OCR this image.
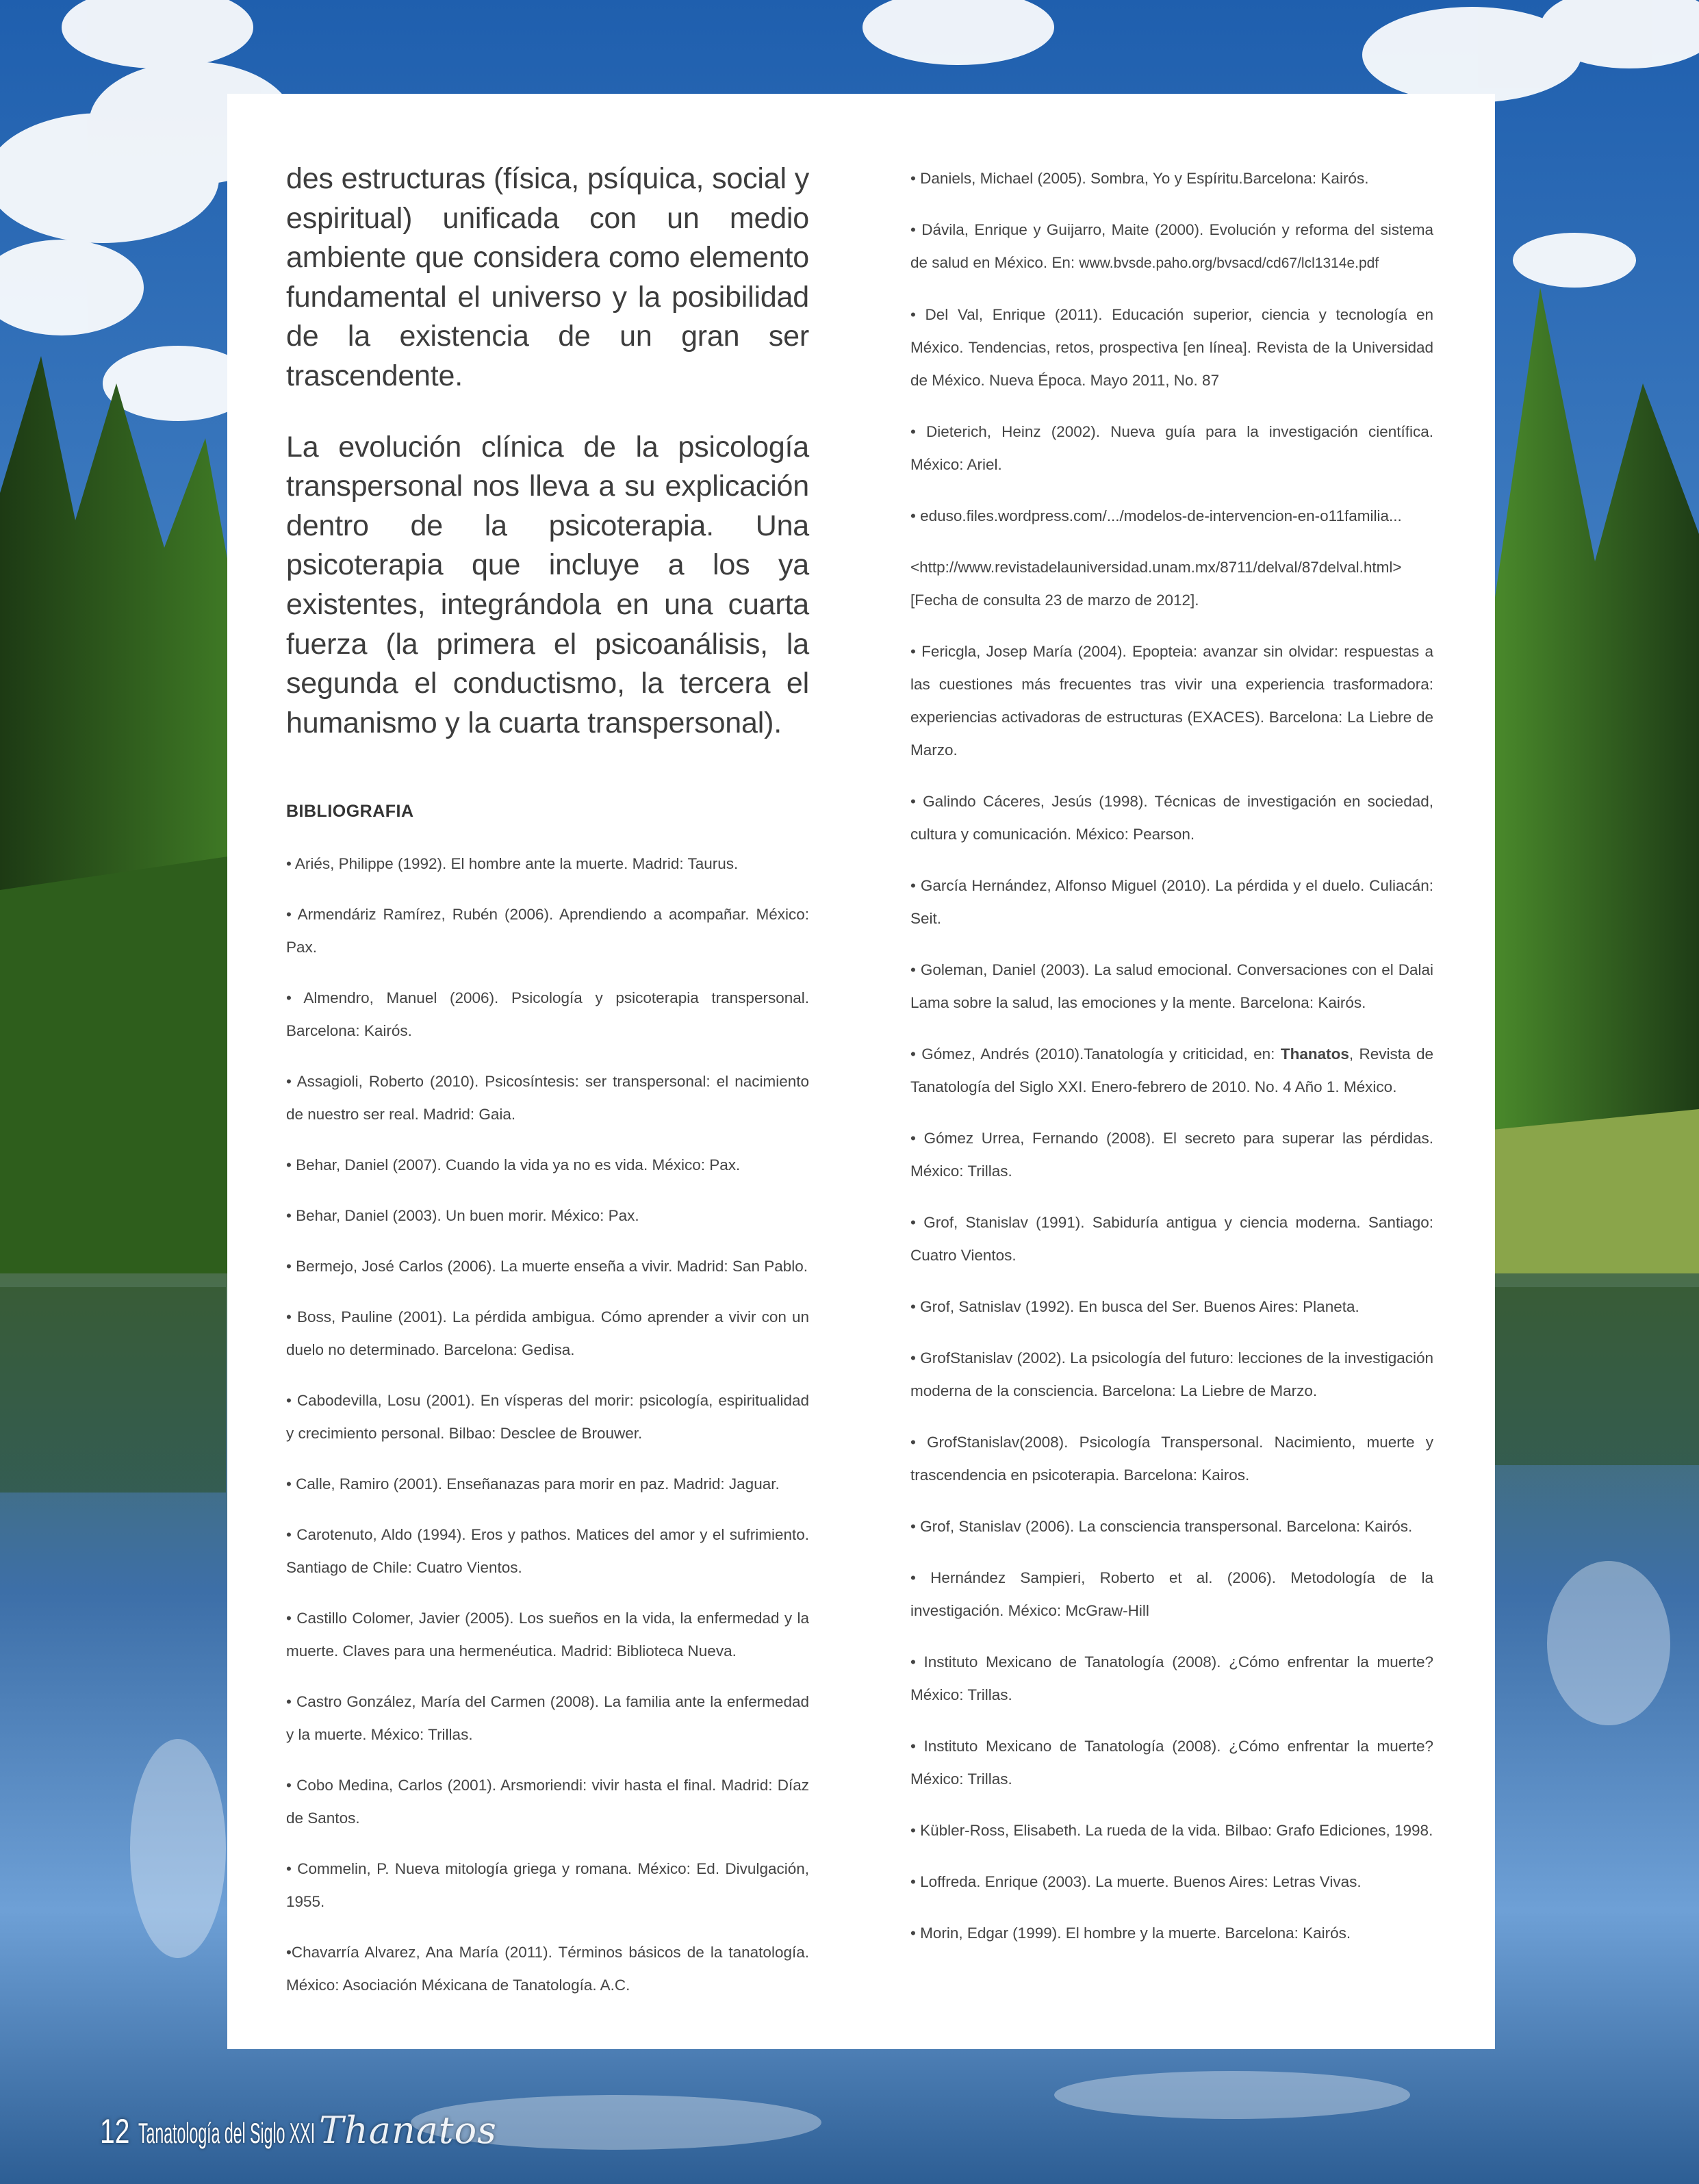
des estructuras (física, psíquica, social y espiritual) unificada con un medio ambiente que considera como elemento fundamental el universo y la posibilidad de la existencia de un gran ser trascendente.

La evolución clínica de la psicología transpersonal nos lleva a su explicación dentro de la psicoterapia. Una psicoterapia que incluye a los ya existentes, integrándola en una cuarta fuerza (la primera el psicoanálisis, la segunda el conductismo, la tercera el humanismo y la cuarta transpersonal).

BIBLIOGRAFIA

• Ariés, Philippe (1992). El hombre ante la muerte. Madrid: Taurus.

• Armendáriz Ramírez, Rubén (2006). Aprendiendo a acompañar. México: Pax.

• Almendro, Manuel (2006). Psicología y psicoterapia transpersonal. Barcelona: Kairós.

• Assagioli, Roberto (2010). Psicosíntesis: ser transpersonal: el nacimiento de nuestro ser real. Madrid: Gaia.

• Behar, Daniel (2007). Cuando la vida ya no es vida. México: Pax.

• Behar, Daniel (2003). Un buen morir. México: Pax.

• Bermejo, José Carlos (2006). La muerte enseña a vivir. Madrid: San Pablo.

• Boss, Pauline (2001). La pérdida ambigua. Cómo aprender a vivir con un duelo no determinado. Barcelona: Gedisa.

• Cabodevilla, Losu (2001). En vísperas del morir: psicología, espiritualidad y crecimiento personal. Bilbao: Desclee de Brouwer.

• Calle, Ramiro (2001). Enseñanazas para morir en paz. Madrid: Jaguar.

• Carotenuto, Aldo (1994). Eros y pathos. Matices del amor y el sufrimiento. Santiago de Chile: Cuatro Vientos.

• Castillo Colomer, Javier (2005). Los sueños en la vida, la enfermedad y la muerte. Claves para una hermenéutica. Madrid: Biblioteca Nueva.

• Castro González, María del Carmen (2008). La familia ante la enfermedad y la muerte. México: Trillas.

• Cobo Medina, Carlos (2001). Arsmoriendi: vivir hasta el final. Madrid: Díaz de Santos.

• Commelin, P. Nueva mitología griega y romana. México: Ed. Divulgación, 1955.

•Chavarría Alvarez, Ana María (2011). Términos básicos de la tanatología. México: Asociación Méxicana de Tanatología. A.C.

• Daniels, Michael (2005). Sombra, Yo y Espíritu.Barcelona: Kairós.

• Dávila, Enrique y Guijarro, Maite (2000). Evolución y reforma del sistema de salud en México. En: www.bvsde.paho.org/bvsacd/cd67/lcl1314e.pdf

• Del Val, Enrique (2011). Educación superior, ciencia y tecnología en México. Tendencias, retos, prospectiva [en línea]. Revista de la Universidad de México. Nueva Época. Mayo 2011, No. 87

• Dieterich, Heinz (2002). Nueva guía para la investigación científica. México: Ariel.

• eduso.files.wordpress.com/.../modelos-de-intervencion-en-o11familia...

<http://www.revistadelauniversidad.unam.mx/8711/delval/87delval.html> [Fecha de consulta 23 de marzo de 2012].

• Fericgla, Josep María (2004). Epopteia: avanzar sin olvidar: respuestas a las cuestiones más frecuentes tras vivir una experiencia trasformadora: experiencias activadoras de estructuras (EXACES). Barcelona: La Liebre de Marzo.

• Galindo Cáceres, Jesús (1998). Técnicas de investigación en sociedad, cultura y comunicación. México: Pearson.

• García Hernández, Alfonso Miguel (2010). La pérdida y el duelo. Culiacán: Seit.

• Goleman, Daniel (2003). La salud emocional. Conversaciones con el Dalai Lama sobre la salud, las emociones y la mente. Barcelona: Kairós.

• Gómez, Andrés (2010).Tanatología y criticidad, en: Thanatos, Revista de Tanatología del Siglo XXI. Enero-febrero de 2010. No. 4 Año 1. México.

• Gómez Urrea, Fernando (2008). El secreto para superar las pérdidas. México: Trillas.

• Grof, Stanislav (1991). Sabiduría antigua y ciencia moderna. Santiago: Cuatro Vientos.

• Grof, Satnislav (1992). En busca del Ser. Buenos Aires: Planeta.

• GrofStanislav (2002). La psicología del futuro: lecciones de la investigación moderna de la consciencia. Barcelona: La Liebre de Marzo.

• GrofStanislav(2008). Psicología Transpersonal. Nacimiento, muerte y trascendencia en psicoterapia. Barcelona: Kairos.

• Grof, Stanislav (2006). La consciencia transpersonal. Barcelona: Kairós.

• Hernández Sampieri, Roberto et al. (2006). Metodología de la investigación. México: McGraw-Hill

• Instituto Mexicano de Tanatología (2008). ¿Cómo enfrentar la muerte? México: Trillas.

• Instituto Mexicano de Tanatología (2008). ¿Cómo enfrentar la muerte? México: Trillas.

• Kübler-Ross, Elisabeth. La rueda de la vida. Bilbao: Grafo Ediciones, 1998.

• Loffreda. Enrique (2003). La muerte. Buenos Aires: Letras Vivas.

• Morin, Edgar (1999). El hombre y la muerte. Barcelona: Kairós.

12 Tanatología del Siglo XXI Thanatos
